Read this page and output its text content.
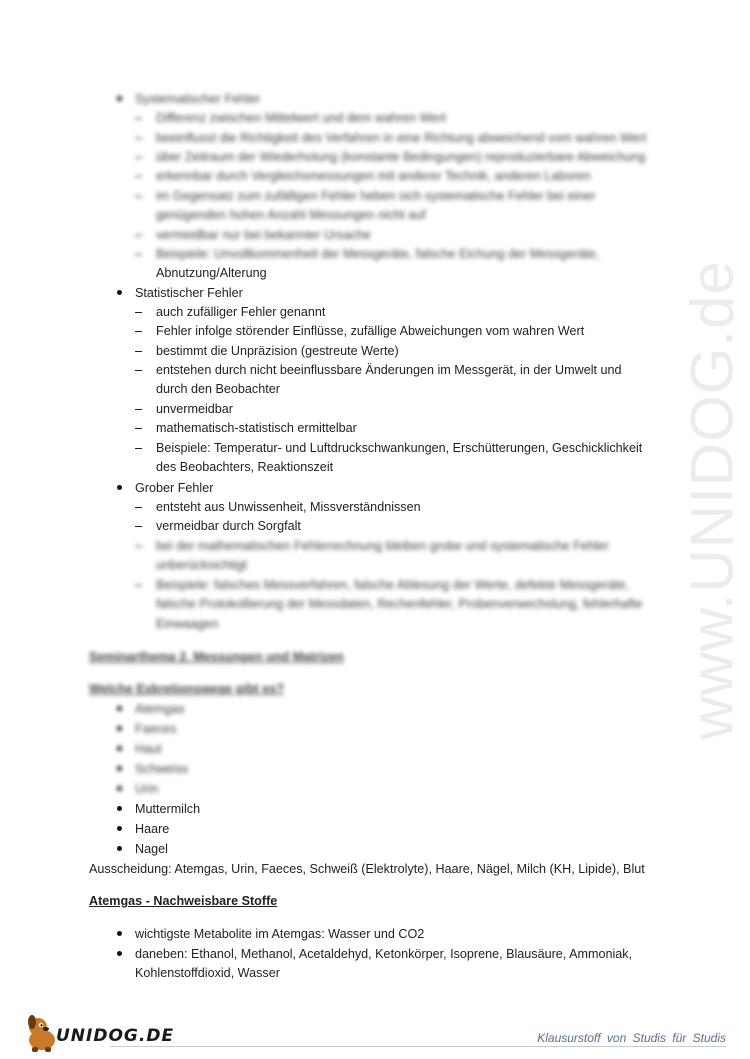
www.UNIDOG.de
Systematischer Fehler
Differenz zwischen Mittelwert und dem wahren Wert
beeinflusst die Richtigkeit des Verfahren in eine Richtung abweichend vom wahren Wert
über Zeitraum der Wiederholung (konstante Bedingungen) reproduzierbare Abweichung
erkennbar durch Vergleichsmessungen mit anderer Technik, anderen Laboren
im Gegensatz zum zufälligen Fehler heben sich systematische Fehler bei einer
genügenden hohen Anzahl Messungen nicht auf
vermeidbar nur bei bekannter Ursache
Beispiele: Unvollkommenheit der Messgeräte, falsche Eichung der Messgeräte,
Abnutzung/Alterung
Statistischer Fehler
auch zufälliger Fehler genannt
Fehler infolge störender Einflüsse, zufällige Abweichungen vom wahren Wert
bestimmt die Unpräzision (gestreute Werte)
entstehen durch nicht beeinflussbare Änderungen im Messgerät, in der Umwelt und
durch den Beobachter
unvermeidbar
mathematisch-statistisch ermittelbar
Beispiele: Temperatur- und Luftdruckschwankungen, Erschütterungen, Geschicklichkeit
des Beobachters, Reaktionszeit
Grober Fehler
entsteht aus Unwissenheit, Missverständnissen
vermeidbar durch Sorgfalt
bei der mathematischen Fehlerrechnung bleiben grobe und systematische Fehler
unberücksichtigt
Beispiele: falsches Messverfahren, falsche Ablesung der Werte, defekte Messgeräte,
falsche Protokollierung der Messdaten, Rechenfehler, Probenverwechslung, fehlerhafte
Einwaagen
Seminarthema 2. Messungen und Matrizen
Welche Exkretionswege gibt es?
Atemgas
Faeces
Haut
Schweiss
Urin
Muttermilch
Haare
Nagel
Ausscheidung: Atemgas, Urin, Faeces, Schweiß (Elektrolyte), Haare, Nägel, Milch (KH, Lipide), Blut
Atemgas - Nachweisbare Stoffe
wichtigste Metabolite im Atemgas: Wasser und CO2
daneben: Ethanol, Methanol, Acetaldehyd, Ketonkörper, Isoprene, Blausäure, Ammoniak,
Kohlenstoffdioxid, Wasser
UNIDOG.DE	Klausurstoff von Studis für Studis
